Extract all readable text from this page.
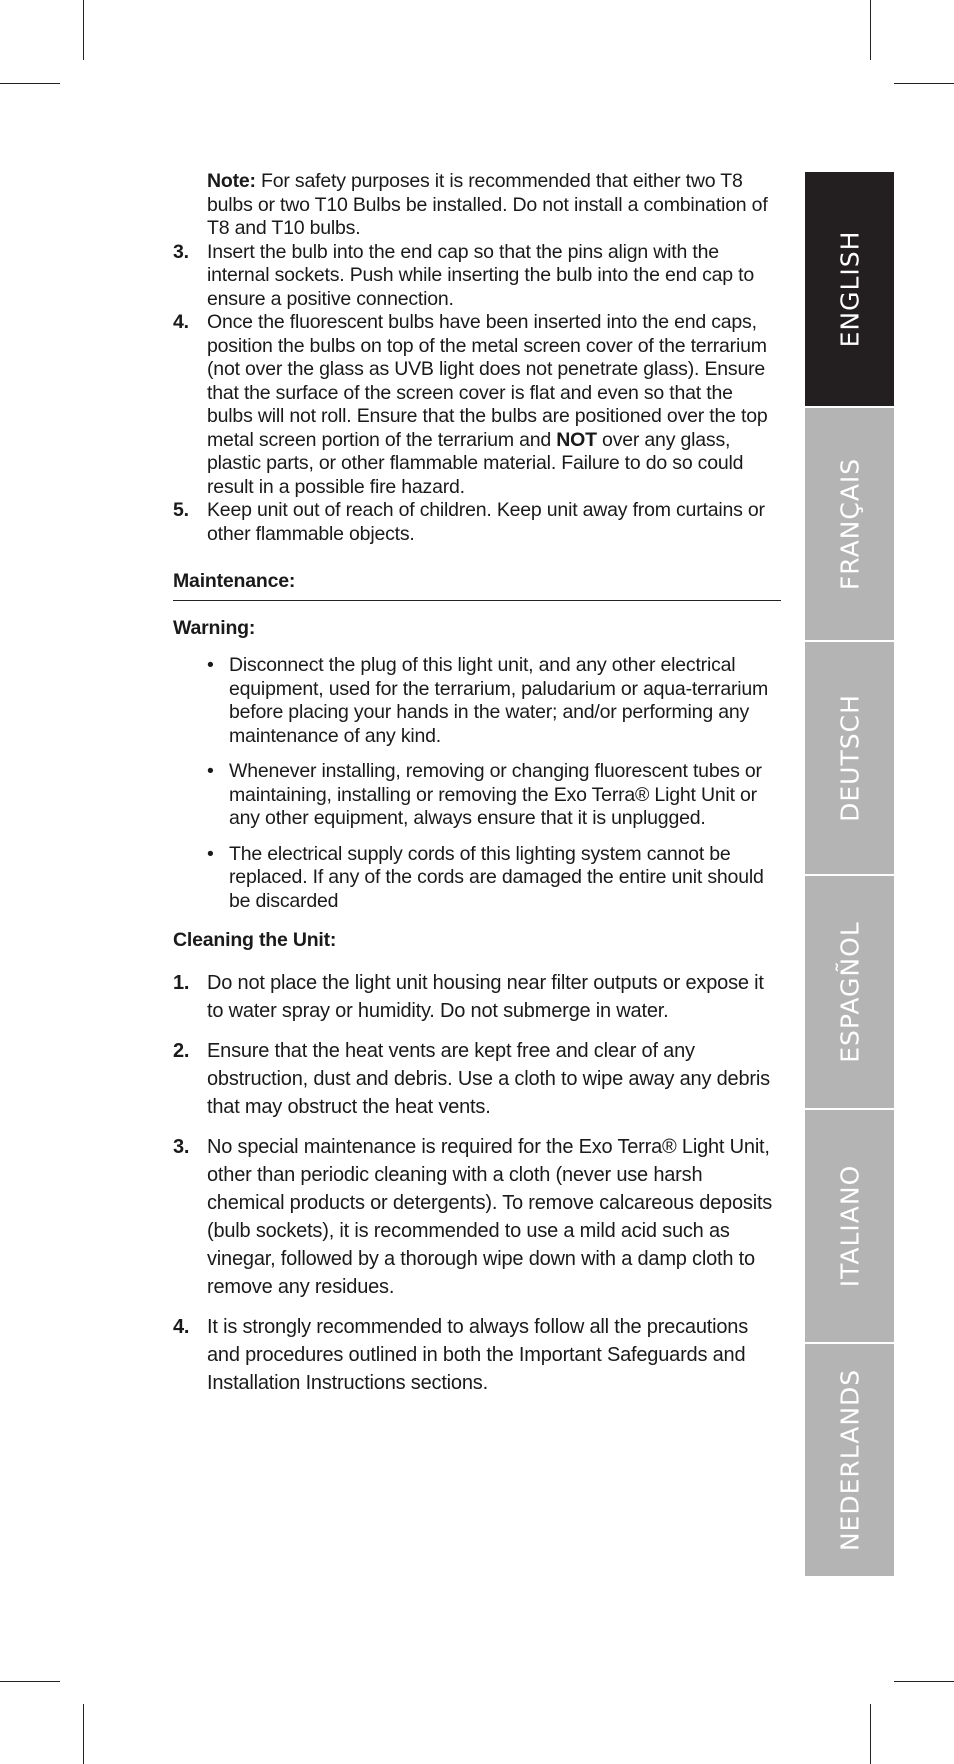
Note: For safety purposes it is recommended that either two T8 bulbs or two T10 Bulbs be installed. Do not install a combination of T8 and T10 bulbs.
3. Insert the bulb into the end cap so that the pins align with the internal sockets. Push while inserting the bulb into the end cap to ensure a positive connection.
4. Once the fluorescent bulbs have been inserted into the end caps, position the bulbs on top of the metal screen cover of the terrarium (not over the glass as UVB light does not penetrate glass). Ensure that the surface of the screen cover is flat and even so that the bulbs will not roll. Ensure that the bulbs are positioned over the top metal screen portion of the terrarium and NOT over any glass, plastic parts, or other flammable material. Failure to do so could result in a possible fire hazard.
5. Keep unit out of reach of children. Keep unit away from curtains or other flammable objects.
Maintenance:
Warning:
• Disconnect the plug of this light unit, and any other electrical equipment, used for the terrarium, paludarium or aqua-terrarium before placing your hands in the water; and/or performing any maintenance of any kind.
• Whenever installing, removing or changing fluorescent tubes or maintaining, installing or removing the Exo Terra® Light Unit or any other equipment, always ensure that it is unplugged.
• The electrical supply cords of this lighting system cannot be replaced. If any of the cords are damaged the entire unit should be discarded
Cleaning the Unit:
1. Do not place the light unit housing near filter outputs or expose it to water spray or humidity. Do not submerge in water.
2. Ensure that the heat vents are kept free and clear of any obstruction, dust and debris. Use a cloth to wipe away any debris that may obstruct the heat vents.
3. No special maintenance is required for the Exo Terra® Light Unit, other than periodic cleaning with a cloth (never use harsh chemical products or detergents). To remove calcareous deposits (bulb sockets), it is recommended to use a mild acid such as vinegar, followed by a thorough wipe down with a damp cloth to remove any residues.
4. It is strongly recommended to always follow all the precautions and procedures outlined in both the Important Safeguards and Installation Instructions sections.
ENGLISH
FRANÇAIS
DEUTSCH
ESPAGÑOL
ITALIANO
NEDERLANDS
